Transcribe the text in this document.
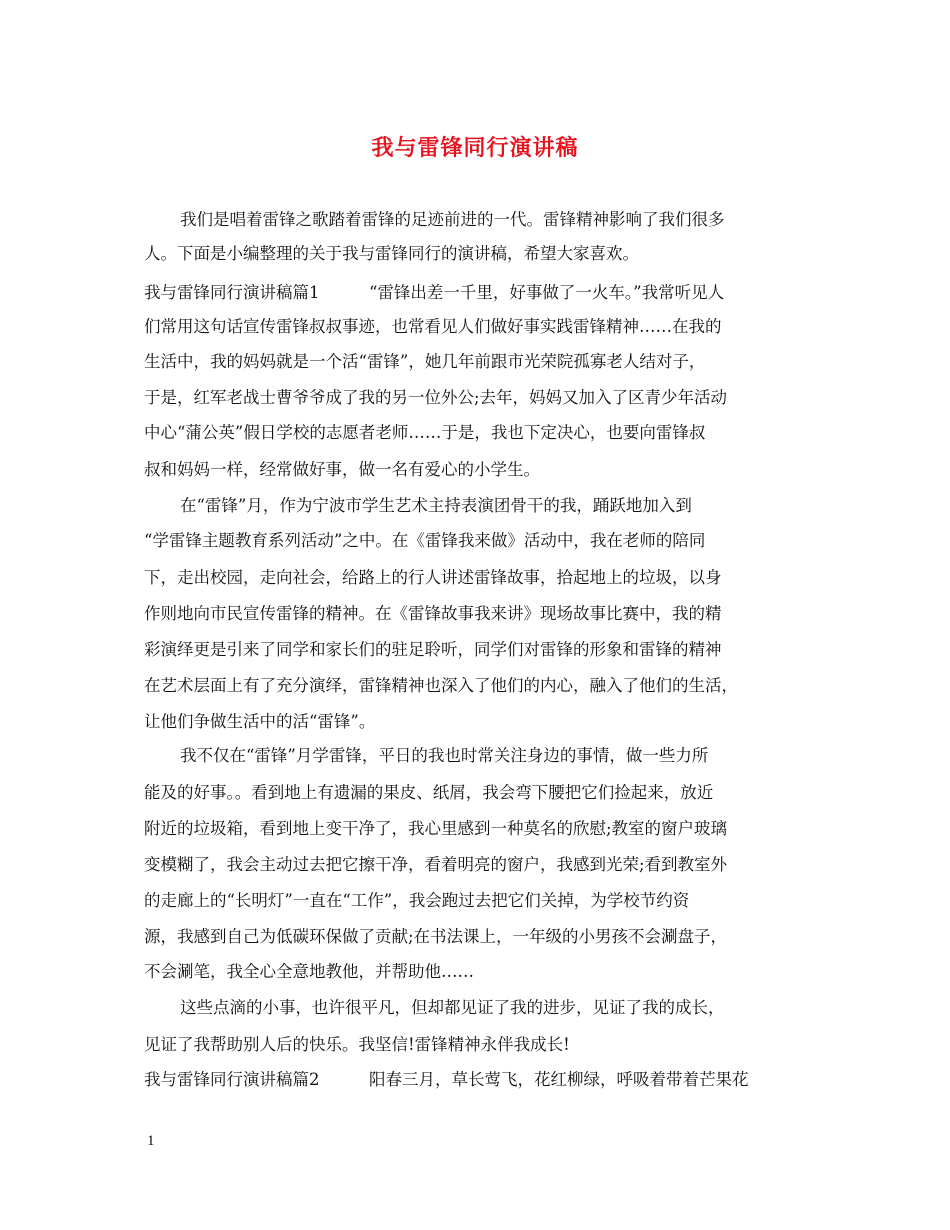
我与雷锋同行演讲稿
我们是唱着雷锋之歌踏着雷锋的足迹前进的一代。雷锋精神影响了我们很多
人。下面是小编整理的关于我与雷锋同行的演讲稿，希望大家喜欢。
我与雷锋同行演讲稿篇1　　　“雷锋出差一千里，好事做了一火车。”我常听见人
们常用这句话宣传雷锋叔叔事迹，也常看见人们做好事实践雷锋精神……在我的
生活中，我的妈妈就是一个活“雷锋”，她几年前跟市光荣院孤寡老人结对子，
于是，红军老战士曹爷爷成了我的另一位外公;去年，妈妈又加入了区青少年活动
中心“蒲公英”假日学校的志愿者老师……于是，我也下定决心，也要向雷锋叔
叔和妈妈一样，经常做好事，做一名有爱心的小学生。
在“雷锋”月，作为宁波市学生艺术主持表演团骨干的我，踊跃地加入到
“学雷锋主题教育系列活动”之中。在《雷锋我来做》活动中，我在老师的陪同
下，走出校园，走向社会，给路上的行人讲述雷锋故事，拾起地上的垃圾，以身
作则地向市民宣传雷锋的精神。在《雷锋故事我来讲》现场故事比赛中，我的精
彩演绎更是引来了同学和家长们的驻足聆听，同学们对雷锋的形象和雷锋的精神
在艺术层面上有了充分演绎，雷锋精神也深入了他们的内心，融入了他们的生活，
让他们争做生活中的活“雷锋”。
我不仅在“雷锋”月学雷锋，平日的我也时常关注身边的事情，做一些力所
能及的好事。。看到地上有遗漏的果皮、纸屑，我会弯下腰把它们捡起来，放近
附近的垃圾箱，看到地上变干净了，我心里感到一种莫名的欣慰;教室的窗户玻璃
变模糊了，我会主动过去把它擦干净，看着明亮的窗户，我感到光荣;看到教室外
的走廊上的“长明灯”一直在“工作”，我会跑过去把它们关掉，为学校节约资
源，我感到自己为低碳环保做了贡献;在书法课上，一年级的小男孩不会涮盘子，
不会涮笔，我全心全意地教他，并帮助他……
这些点滴的小事，也许很平凡，但却都见证了我的进步，见证了我的成长，
见证了我帮助别人后的快乐。我坚信!雷锋精神永伴我成长!
我与雷锋同行演讲稿篇2　　　阳春三月，草长莺飞，花红柳绿，呼吸着带着芒果花
1
